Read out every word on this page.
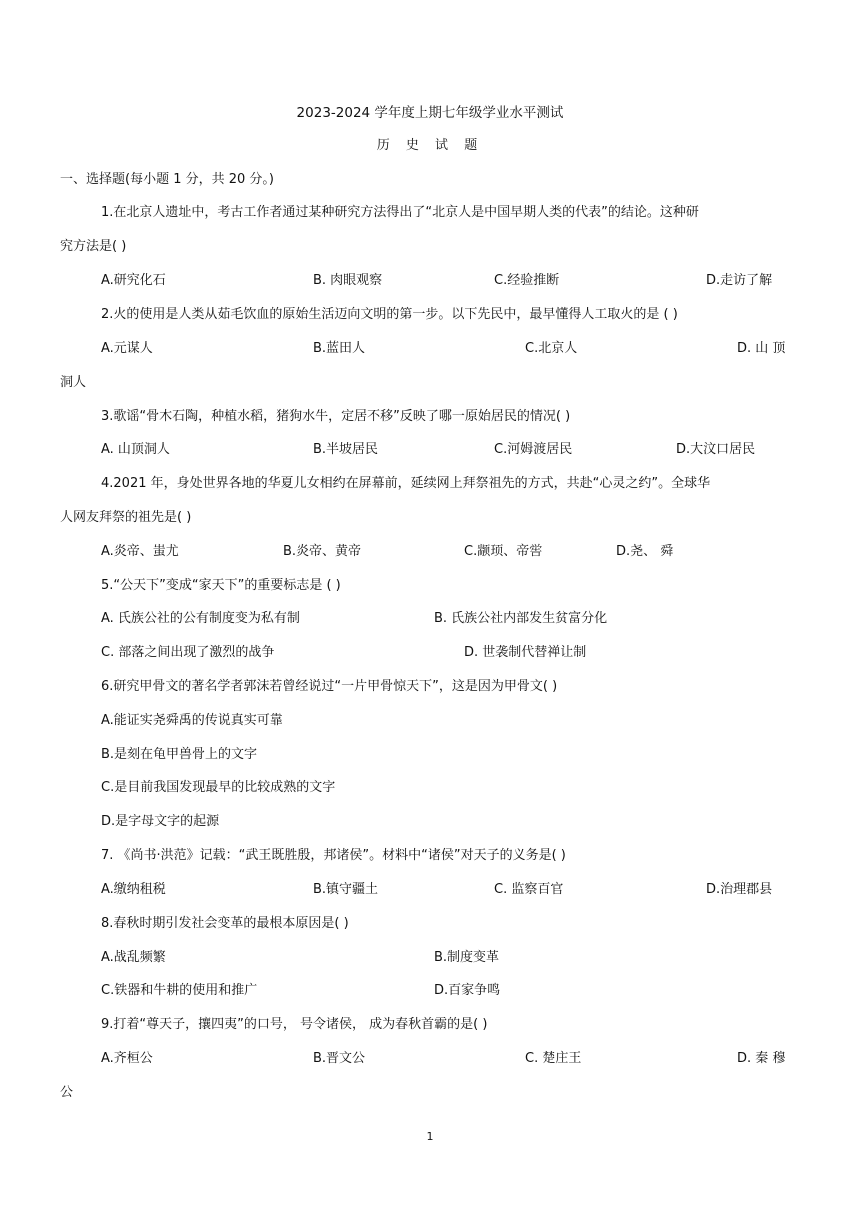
2023-2024 学年度上期七年级学业水平测试
历 史 试 题
一、选择题(每小题 1 分，共 20 分。)
1.在北京人遗址中，考古工作者通过某种研究方法得出了“北京人是中国早期人类的代表”的结论。这种研
究方法是( )
A.研究化石	B. 肉眼观察	C.经验推断	D.走访了解
2.火的使用是人类从茹毛饮血的原始生活迈向文明的第一步。以下先民中，最早懂得人工取火的是 ( )
A.元谋人	B.蓝田人	C.北京人	D. 山 顶
洞人
3.歌谣“骨木石陶，种植水稻，猪狗水牛，定居不移”反映了哪一原始居民的情况( )
A. 山顶洞人	B.半坡居民	C.河姆渡居民	D.大汶口居民
4.2021 年，身处世界各地的华夏儿女相约在屏幕前，延续网上拜祭祖先的方式，共赴“心灵之约”。全球华
人网友拜祭的祖先是( )
A.炎帝、蚩尤	B.炎帝、黄帝	C.颛顼、帝喾	D.尧、 舜
5.“公天下”变成“家天下”的重要标志是 ( )
A. 氏族公社的公有制度变为私有制	B. 氏族公社内部发生贫富分化
C. 部落之间出现了激烈的战争	D. 世袭制代替禅让制
6.研究甲骨文的著名学者郭沫若曾经说过“一片甲骨惊天下”，这是因为甲骨文( )
A.能证实尧舜禹的传说真实可靠
B.是刻在龟甲兽骨上的文字
C.是目前我国发现最早的比较成熟的文字
D.是字母文字的起源
7. 《尚书·洪范》记载：“武王既胜殷，邦诸侯”。材料中“诸侯”对天子的义务是( )
A.缴纳租税	B.镇守疆土	C. 监察百官	D.治理郡县
8.春秋时期引发社会变革的最根本原因是( )
A.战乱频繁	B.制度变革
C.铁器和牛耕的使用和推广	D.百家争鸣
9.打着“尊天子，攘四夷”的口号， 号令诸侯， 成为春秋首霸的是( )
A.齐桓公	B.晋文公	C. 楚庄王	D. 秦 穆
公
1
